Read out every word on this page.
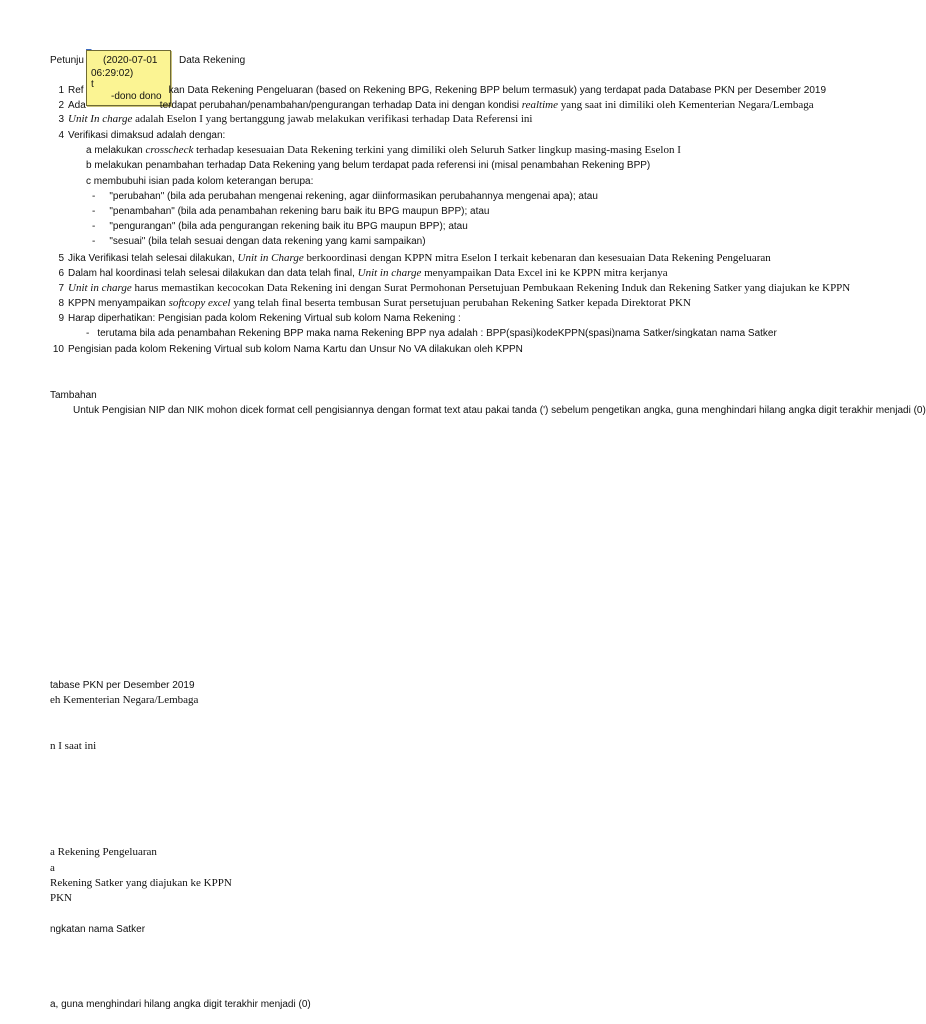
Petunju	Data Rekening
(2020-07-01
06:29:02)
t
-dono dono
1 Ref	kan Data Rekening Pengeluaran (based on Rekening BPG, Rekening BPP belum termasuk) yang terdapat pada Database PKN per Desember 2019
2 Ada	terdapat perubahan/penambahan/pengurangan terhadap Data ini dengan kondisi realtime yang saat ini dimiliki oleh Kementerian Negara/Lembaga
3 Unit In charge adalah Eselon I yang bertanggung jawab melakukan verifikasi terhadap Data Referensi ini
4 Verifikasi dimaksud adalah dengan:
a melakukan crosscheck terhadap kesesuaian Data Rekening terkini yang dimiliki oleh Seluruh Satker lingkup masing-masing Eselon I
b melakukan penambahan terhadap Data Rekening yang belum terdapat pada referensi ini (misal penambahan Rekening BPP)
c membubuhi isian pada kolom keterangan berupa:
- "perubahan" (bila ada perubahan mengenai rekening, agar diinformasikan perubahannya mengenai apa); atau
- "penambahan" (bila ada penambahan rekening baru baik itu BPG maupun BPP); atau
- "pengurangan" (bila ada pengurangan rekening baik itu BPG maupun BPP); atau
- "sesuai" (bila telah sesuai dengan data rekening yang kami sampaikan)
5 Jika Verifikasi telah selesai dilakukan, Unit in Charge berkoordinasi dengan KPPN mitra Eselon I terkait kebenaran dan kesesuaian Data Rekening Pengeluaran
6 Dalam hal koordinasi telah selesai dilakukan dan data telah final, Unit in charge menyampaikan Data Excel ini ke KPPN mitra kerjanya
7 Unit in charge harus memastikan kecocokan Data Rekening ini dengan Surat Permohonan Persetujuan Pembukaan Rekening Induk dan Rekening Satker yang diajukan ke KPPN
8 KPPN menyampaikan softcopy excel yang telah final beserta tembusan Surat persetujuan perubahan Rekening Satker kepada Direktorat PKN
9 Harap diperhatikan: Pengisian pada kolom Rekening Virtual sub kolom Nama Rekening :
- terutama bila ada penambahan Rekening BPP maka nama Rekening BPP nya adalah : BPP(spasi)kodeKPPN(spasi)nama Satker/singkatan nama Satker
10 Pengisian pada kolom Rekening Virtual sub kolom Nama Kartu dan Unsur No VA dilakukan oleh KPPN
Tambahan
Untuk Pengisian NIP dan NIK mohon dicek format cell pengisiannya dengan format text atau pakai tanda (') sebelum pengetikan angka, guna menghindari hilang angka digit terakhir menjadi (0)
tabase PKN per Desember 2019
eh Kementerian Negara/Lembaga
n I saat ini
a Rekening Pengeluaran
a
Rekening Satker yang diajukan ke KPPN
PKN
ngkatan nama Satker
a, guna menghindari hilang angka digit terakhir menjadi (0)
